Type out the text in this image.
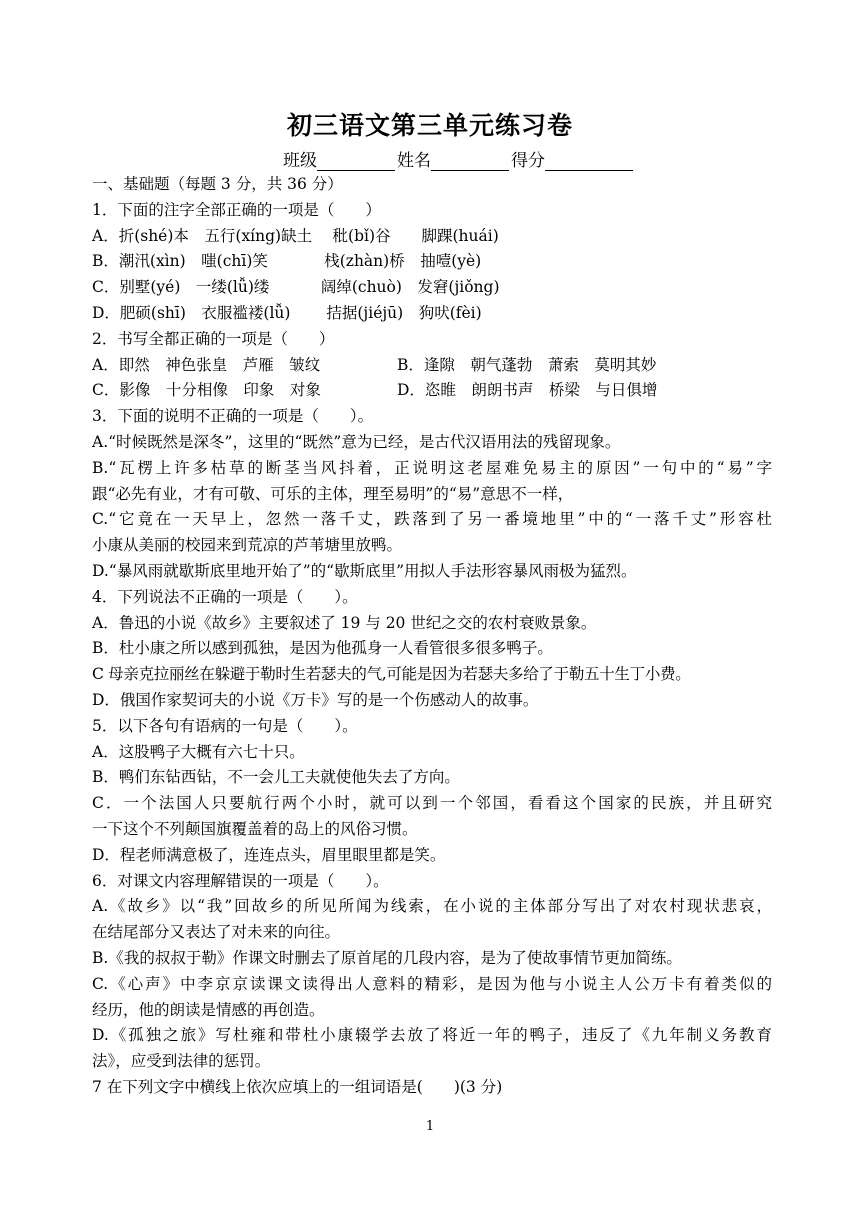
初三语文第三单元练习卷
班级	姓名	得分
一、基础题（每题 3 分，共 36 分）
1．下面的注字全部正确的一项是（　　）
A．折(shé)本　五行(xíng)缺土　 秕(bǐ)谷　　脚踝(huái)
B．潮汛(xìn)　嗤(chī)笑　　　  栈(zhàn)桥　抽噎(yè)
C．别墅(yé)　一缕(lǚ)缕　　　 阔绰(chuò)　发窘(jiǒng)
D．肥硕(shī)　衣服褴褛(lǚ)　　 拮据(jiéjū)　狗吠(fèi)
2．书写全都正确的一项是（　　）
A．即然　神色张皇　芦雁　皱纹	B．逢隙　朝气蓬勃　萧索　莫明其妙
C．影像　十分相像　印象　对象	D．恣睢　朗朗书声　桥梁　与日俱增
3．下面的说明不正确的一项是（　　）。
A.“时候既然是深冬”，这里的“既然”意为已经，是古代汉语用法的残留现象。
B.“瓦楞上许多枯草的断茎当风抖着，正说明这老屋难免易主的原因”一句中的“易”字
跟“必先有业，才有可敬、可乐的主体，理至易明”的“易”意思不一样，
C.“它竟在一天早上，忽然一落千丈，跌落到了另一番境地里”中的“一落千丈”形容杜
小康从美丽的校园来到荒凉的芦苇塘里放鸭。
D.“暴风雨就歇斯底里地开始了”的“歇斯底里”用拟人手法形容暴风雨极为猛烈。
4．下列说法不正确的一项是（　　）。
A．鲁迅的小说《故乡》主要叙述了 19 与 20 世纪之交的农村衰败景象。
B．杜小康之所以感到孤独，是因为他孤身一人看管很多很多鸭子。
C 母亲克拉丽丝在躲避于勒时生若瑟夫的气,可能是因为若瑟夫多给了于勒五十生丁小费。
D．俄国作家契诃夫的小说《万卡》写的是一个伤感动人的故事。
5．以下各句有语病的一句是（　　）。
A．这股鸭子大概有六七十只。
B．鸭们东钻西钻，不一会儿工夫就使他失去了方向。
C．一个法国人只要航行两个小时，就可以到一个邻国，看看这个国家的民族，并且研究
一下这个不列颠国旗覆盖着的岛上的风俗习惯。
D．程老师满意极了，连连点头，眉里眼里都是笑。
6．对课文内容理解错误的一项是（　　）。
A.《故乡》以“我”回故乡的所见所闻为线索，在小说的主体部分写出了对农村现状悲哀，
在结尾部分又表达了对未来的向往。
B.《我的叔叔于勒》作课文时删去了原首尾的几段内容，是为了使故事情节更加简练。
C.《心声》中李京京读课文读得出人意料的精彩，是因为他与小说主人公万卡有着类似的
经历，他的朗读是情感的再创造。
D.《孤独之旅》写杜雍和带杜小康辍学去放了将近一年的鸭子，违反了《九年制义务教育
法》，应受到法律的惩罚。
7 在下列文字中横线上依次应填上的一组词语是(　　)(3 分)
1
